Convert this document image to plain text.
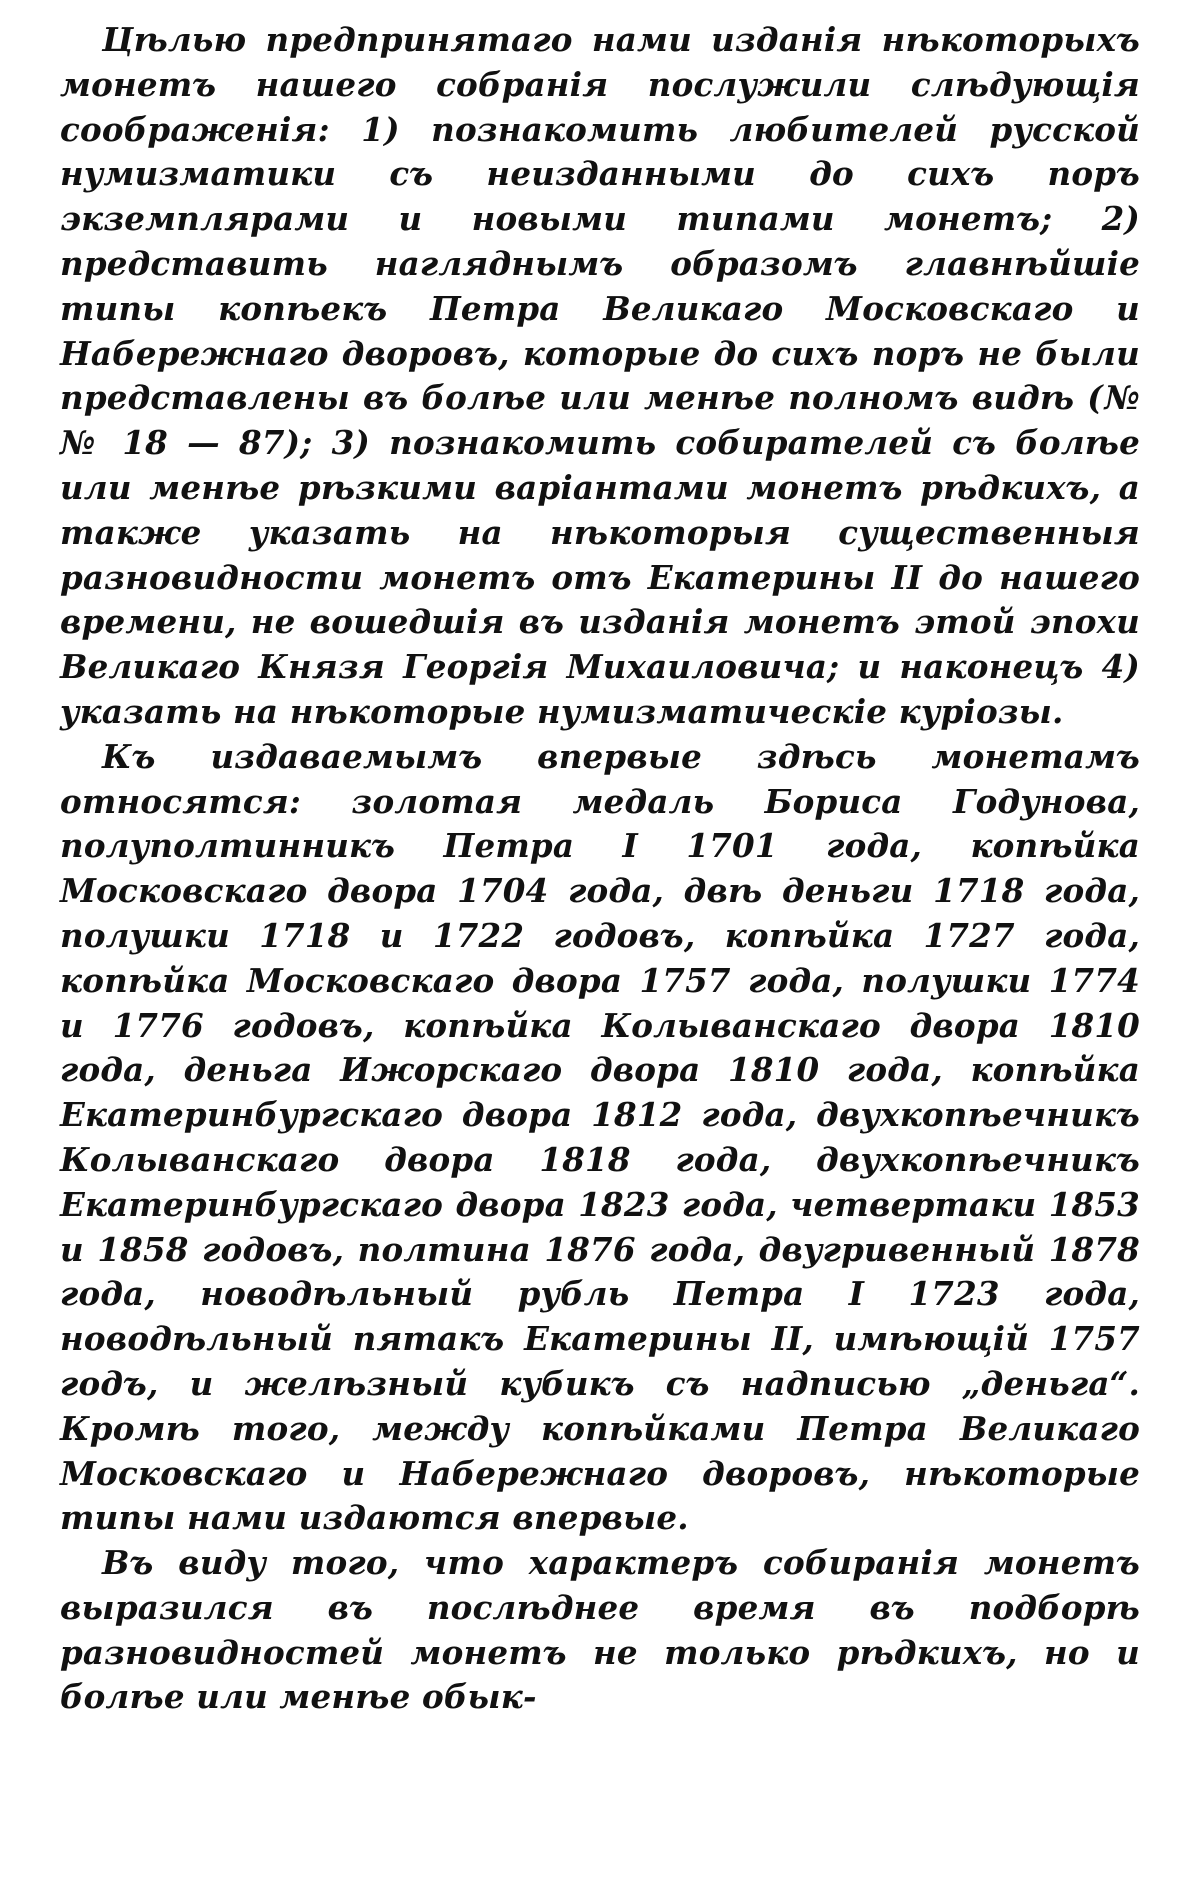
Цѣлью предпринятаго нами изданія нѣкоторыхъ монетъ нашего собранія послужили слѣдующія соображенія: 1) познакомить любителей русской нумизматики съ неизданными до сихъ поръ экземплярами и новыми типами монетъ; 2) представить нагляднымъ образомъ главнѣйшіе типы копѣекъ Петра Великаго Московскаго и Набережнаго дворовъ, которые до сихъ поръ не были представлены въ болѣе или менѣе полномъ видѣ (№№ 18 — 87); 3) познакомить собирателей съ болѣе или менѣе рѣзкими варіантами монетъ рѣдкихъ, а также указать на нѣкоторыя существенныя разновидности монетъ отъ Екатерины II до нашего времени, не вошедшія въ изданія монетъ этой эпохи Великаго Князя Георгія Михаиловича; и наконецъ 4) указать на нѣкоторые нумизматическіе куріозы.

Къ издаваемымъ впервые здѣсь монетамъ относятся: золотая медаль Бориса Годунова, полуполтинникъ Петра I 1701 года, копѣйка Московскаго двора 1704 года, двѣ деньги 1718 года, полушки 1718 и 1722 годовъ, копѣйка 1727 года, копѣйка Московскаго двора 1757 года, полушки 1774 и 1776 годовъ, копѣйка Колыванскаго двора 1810 года, деньга Ижорскаго двора 1810 года, копѣйка Екатеринбургскаго двора 1812 года, двухкопѣечникъ Колыванскаго двора 1818 года, двухкопѣечникъ Екатеринбургскаго двора 1823 года, четвертаки 1853 и 1858 годовъ, полтина 1876 года, двугривенный 1878 года, новодѣльный рубль Петра I 1723 года, новодѣльный пятакъ Екатерины II, имѣющій 1757 годъ, и желѣзный кубикъ съ надписью „деньга“. Кромѣ того, между копѣйками Петра Великаго Московскаго и Набережнаго дворовъ, нѣкоторые типы нами издаются впервые.

Въ виду того, что характеръ собиранія монетъ выразился въ послѣднее время въ подборѣ разновидностей монетъ не только рѣдкихъ, но и болѣе или менѣе обык-
